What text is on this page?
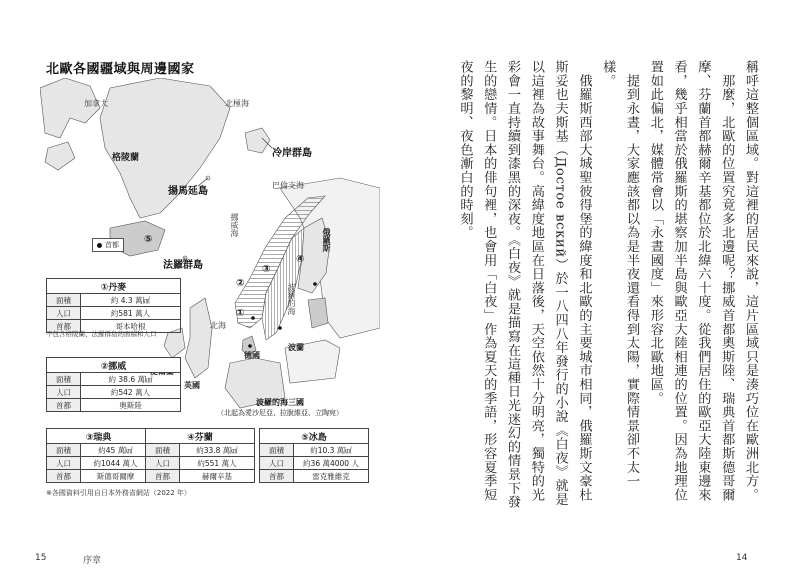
北歐各國疆域與周邊國家
加拿大
格陵蘭
北極海
冷岸群島
揚馬延島
巴倫支海
挪威海
俄羅斯
法羅群島
北海
波羅的海
德國
波蘭
英國
①
②
③
④
⑤
首都
波羅的海三國
（北起為愛沙尼亞、拉脫維亞、立陶宛）
①丹麥	
面積	約 4.3 萬㎢
人口	約581 萬人
首都	哥本哈根
不包含格陵蘭、法羅群島的面積和人口
②挪威	
面積	約 38.6 萬㎢
人口	約542 萬人
首都	奧斯陸
③瑞典	
面積	約45 萬㎢
人口	約1044 萬人
首都	斯德哥爾摩
④芬蘭	
面積	約33.8 萬㎢
人口	約551 萬人
首都	赫爾辛基
⑤冰島	
面積	約10.3 萬㎢
人口	約36 萬4000 人
首都	雷克雅維克
※各國資料引用自日本外務省網站（2022 年）
15	序章

稱呼這整個區域。對這裡的居民來說，這片區域只是湊巧位在歐洲北方。

　那麼，北歐的位置究竟多北邊呢？挪威首都奧斯陸、瑞典首都斯德哥爾摩、芬蘭首都赫爾辛基都位於北緯六十度。從我們居住的歐亞大陸東邊來看，幾乎相當於俄羅斯的堪察加半島與歐亞大陸相連的位置。因為地理位置如此偏北，媒體常會以「永晝國度」來形容北歐地區。

　提到永晝，大家應該都以為是半夜還看得到太陽，實際情景卻不太一樣。

　俄羅斯西部大城聖彼得堡的緯度和北歐的主要城市相同，俄羅斯文豪杜斯妥也夫斯基（Достое вский）於一八四八年發行的小說《白夜》就是以這裡為故事舞台。高緯度地區在日落後，天空依然十分明亮，獨特的光彩會一直持續到漆黑的深夜。《白夜》就是描寫在這種日光迷幻的情景下發生的戀情。日本的俳句裡，也會用「白夜」作為夏天的季語，形容夏季短夜的黎明、夜色漸白的時刻。

14
